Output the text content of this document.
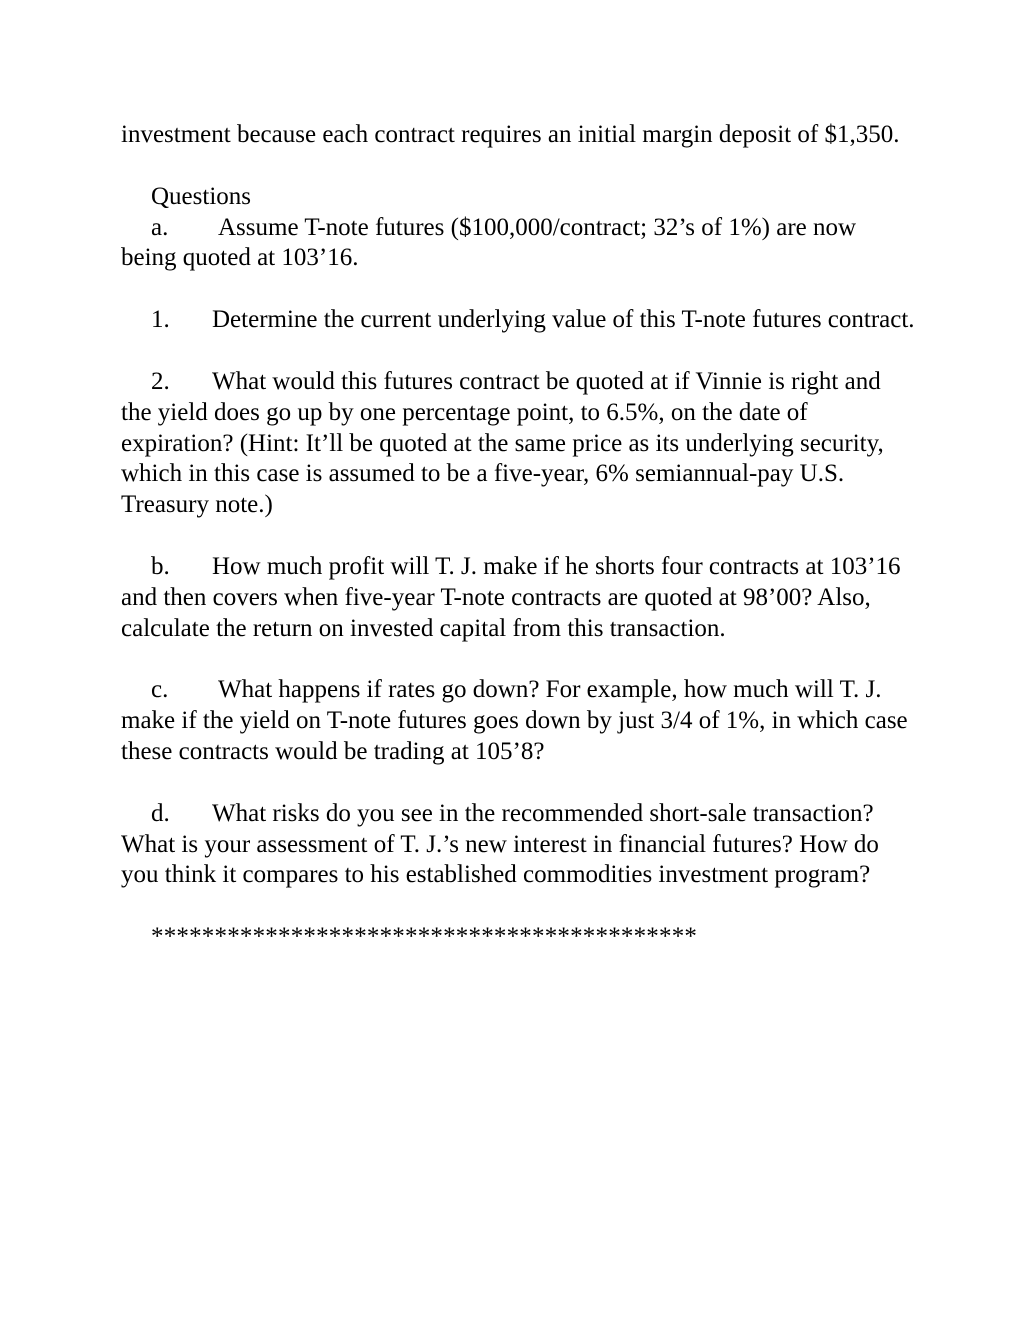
investment because each contract requires an initial margin deposit of $1,350.

Questions

a. Assume T-note futures ($100,000/contract; 32’s of 1%) are now being quoted at 103’16.

1. Determine the current underlying value of this T-note futures contract.

2. What would this futures contract be quoted at if Vinnie is right and the yield does go up by one percentage point, to 6.5%, on the date of expiration? (Hint: It’ll be quoted at the same price as its underlying security, which in this case is assumed to be a five-year, 6% semiannual-pay U.S. Treasury note.)

b. How much profit will T. J. make if he shorts four contracts at 103’16 and then covers when five-year T-note contracts are quoted at 98’00? Also, calculate the return on invested capital from this transaction.

c. What happens if rates go down? For example, how much will T. J. make if the yield on T-note futures goes down by just 3/4 of 1%, in which case these contracts would be trading at 105’8?

d. What risks do you see in the recommended short-sale transaction? What is your assessment of T. J.’s new interest in financial futures? How do you think it compares to his established commodities investment program?

*******************************************
